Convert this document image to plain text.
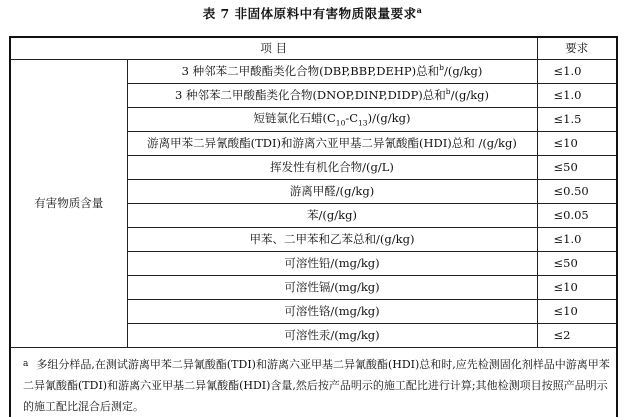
表 7 非固体原料中有害物质限量要求$^a$
项 目		要求
有害物质含量	3 种邻苯二甲酸酯类化合物(DBP,BBP,DEHP)总和$^b$/(g/kg)	≤1.0
	3 种邻苯二甲酸酯类化合物(DNOP,DINP,DIDP)总和$^b$/(g/kg)	≤1.0
	短链氯化石蜡$(C_{10}-C_{13})/(g/kg)$	≤1.5
	游离甲苯二异氰酸酯(TDI)和游离六亚甲基二异氰酸酯(HDI)总和 /(g/kg)	≤10
	挥发性有机化合物/(g/L)	≤50
	游离甲醛/(g/kg)	≤0.50
	苯/(g/kg)	≤0.05
	甲苯、二甲苯和乙苯总和/(g/kg)	≤1.0
	可溶性铅/(mg/kg)	≤50
	可溶性镉/(mg/kg)	≤10
	可溶性铬/(mg/kg)	≤10
	可溶性汞/(mg/kg)	≤2
$^a$ 多组分样品,在测试游离甲苯二异氰酸酯(TDI)和游离六亚甲基二异氰酸酯(HDI)总和时,应先检测固化剂样品中游离甲苯二异氰酸酯(TDI)和游离六亚甲基二异氰酸酯(HDI)含量,然后按产品明示的施工配比进行计算;其他检测项目按照产品明示的施工配比混合后测定。		
